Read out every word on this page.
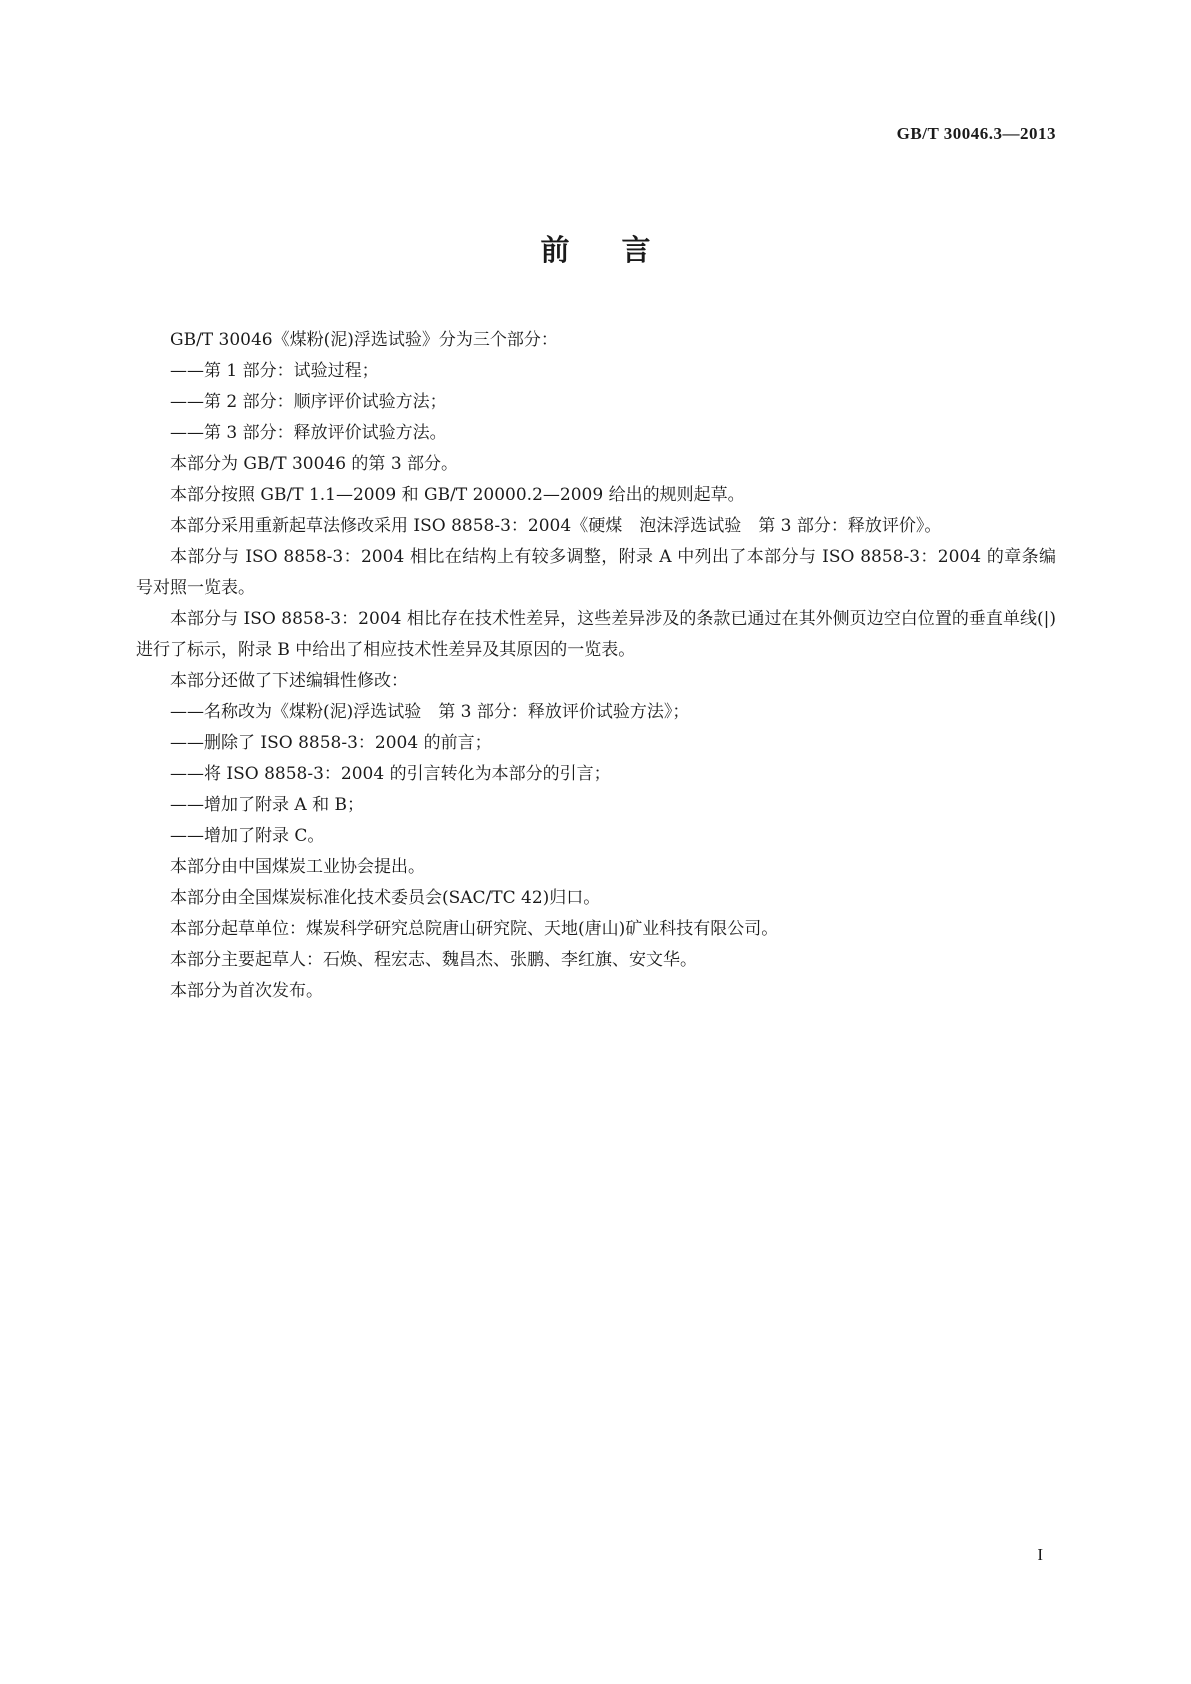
GB/T 30046.3—2013
前言

GB/T 30046《煤粉(泥)浮选试验》分为三个部分：

——第 1 部分：试验过程；

——第 2 部分：顺序评价试验方法；

——第 3 部分：释放评价试验方法。

本部分为 GB/T 30046 的第 3 部分。

本部分按照 GB/T 1.1—2009 和 GB/T 20000.2—2009 给出的规则起草。

本部分采用重新起草法修改采用 ISO 8858-3：2004《硬煤　泡沫浮选试验　第 3 部分：释放评价》。

本部分与 ISO 8858-3：2004 相比在结构上有较多调整，附录 A 中列出了本部分与 ISO 8858-3：2004 的章条编号对照一览表。

本部分与 ISO 8858-3：2004 相比存在技术性差异，这些差异涉及的条款已通过在其外侧页边空白位置的垂直单线(|)进行了标示，附录 B 中给出了相应技术性差异及其原因的一览表。

本部分还做了下述编辑性修改：

——名称改为《煤粉(泥)浮选试验　第 3 部分：释放评价试验方法》；

——删除了 ISO 8858-3：2004 的前言；

——将 ISO 8858-3：2004 的引言转化为本部分的引言；

——增加了附录 A 和 B；

——增加了附录 C。

本部分由中国煤炭工业协会提出。

本部分由全国煤炭标准化技术委员会(SAC/TC 42)归口。

本部分起草单位：煤炭科学研究总院唐山研究院、天地(唐山)矿业科技有限公司。

本部分主要起草人：石焕、程宏志、魏昌杰、张鹏、李红旗、安文华。

本部分为首次发布。

I
